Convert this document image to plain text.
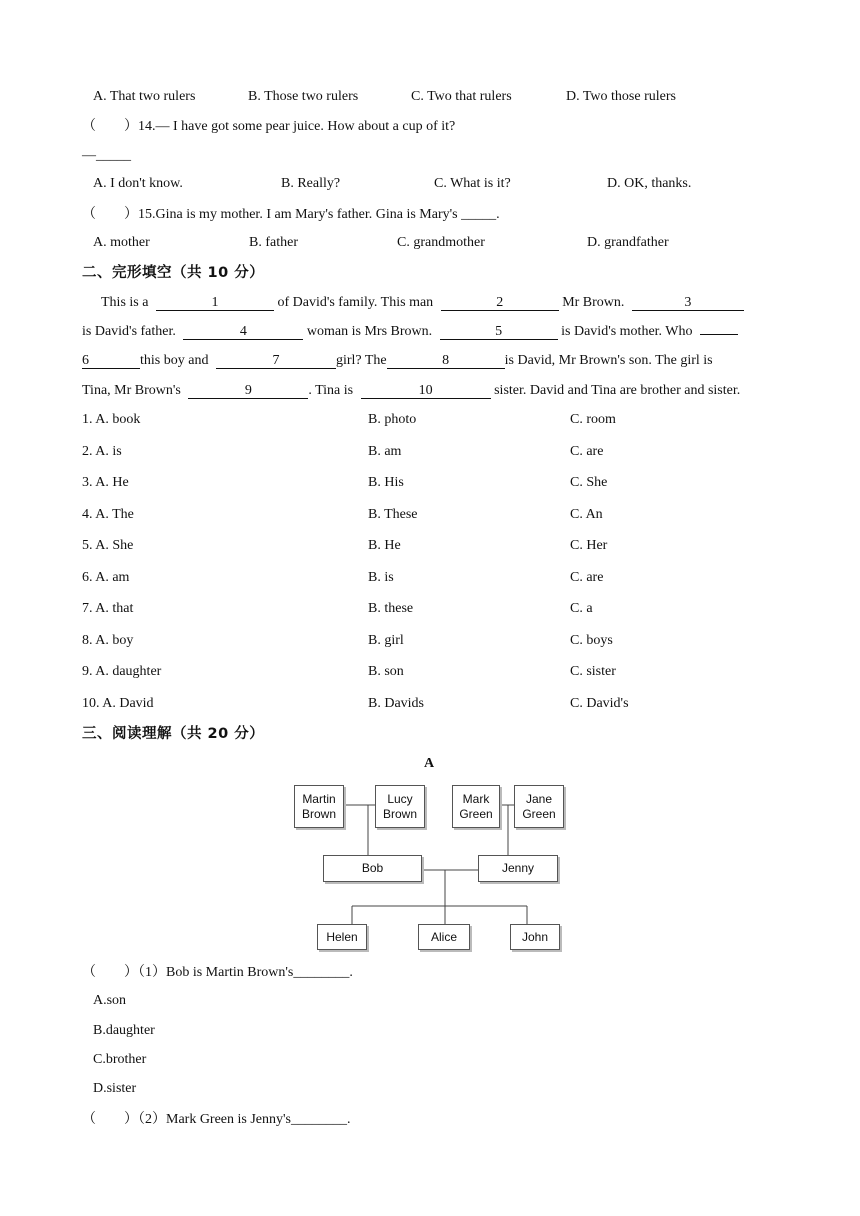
A. That two rulers	B. Those two rulers	C. Two that rulers	D. Two those rulers
（　　）14.— I have got some pear juice. How about a cup of it?
—_____
A. I don't know.	B. Really?	C. What is it?	D. OK, thanks.
（　　）15.Gina is my mother. I am Mary's father. Gina is Mary's _____.
A. mother	B. father	C. grandmother	D. grandfather
二、完形填空（共 10 分）
This is a	1	of David's family. This man	2	Mr Brown.	3
is David's father.	4	woman is Mrs Brown.	5	is David's mother. Who
6	this boy and	7	girl? The	8	is David, Mr Brown's son. The girl is
Tina, Mr Brown's	9	. Tina is	10	sister. David and Tina are brother and sister.
1. A. book	B. photo	C. room
2. A. is	B. am	C. are
3. A. He	B. His	C. She
4. A. The	B. These	C. An
5. A. She	B. He	C. Her
6. A. am	B. is	C. are
7. A. that	B. these	C. a
8. A. boy	B. girl	C. boys
9. A. daughter	B. son	C. sister
10. A. David	B. Davids	C. David's
三、阅读理解（共 20 分）
A
Martin
Brown
Lucy
Brown
Mark
Green
Jane
Green
Bob	Jenny
Helen	Alice	John
（　　）（1）Bob is Martin Brown's________.
A.son
B.daughter
C.brother
D.sister
（　　）（2）Mark Green is Jenny's________.
